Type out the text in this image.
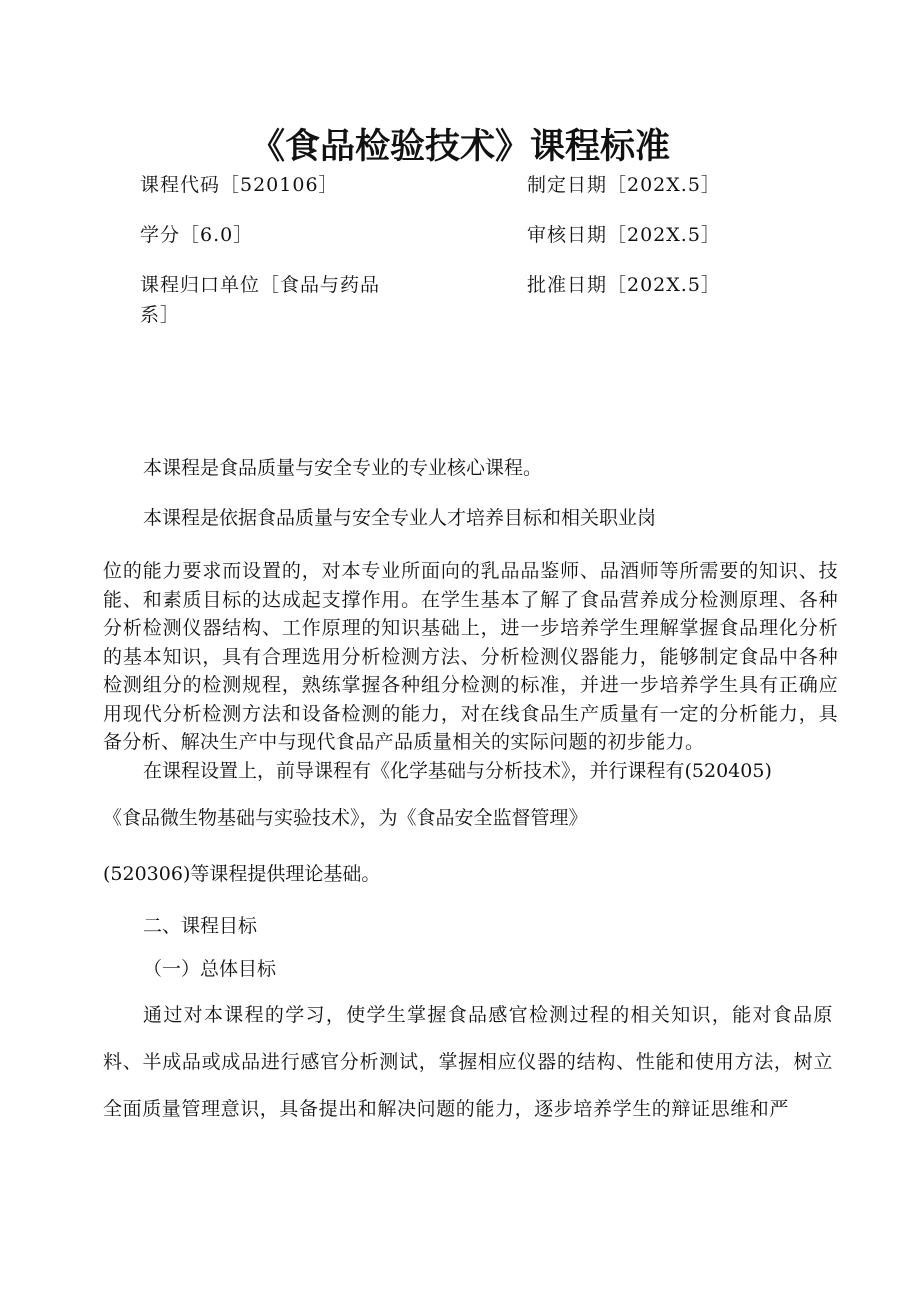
《食品检验技术》课程标准
课程代码［520106］	制定日期［202X.5］
学分［6.0］	审核日期［202X.5］
课程归口单位［食品与药品系］
批准日期［202X.5］

本课程是食品质量与安全专业的专业核心课程。

本课程是依据食品质量与安全专业人才培养目标和相关职业岗

位的能力要求而设置的，对本专业所面向的乳品品鉴师、品酒师等所需要的知识、技能、和素质目标的达成起支撑作用。在学生基本了解了食品营养成分检测原理、各种分析检测仪器结构、工作原理的知识基础上，进一步培养学生理解掌握食品理化分析的基本知识，具有合理选用分析检测方法、分析检测仪器能力，能够制定食品中各种检测组分的检测规程，熟练掌握各种组分检测的标准，并进一步培养学生具有正确应用现代分析检测方法和设备检测的能力，对在线食品生产质量有一定的分析能力，具备分析、解决生产中与现代食品产品质量相关的实际问题的初步能力。

在课程设置上，前导课程有《化学基础与分析技术》，并行课程有(520405)

《食品微生物基础与实验技术》，为《食品安全监督管理》

(520306)等课程提供理论基础。

二、课程目标

（一）总体目标

通过对本课程的学习，使学生掌握食品感官检测过程的相关知识，能对食品原料、半成品或成品进行感官分析测试，掌握相应仪器的结构、性能和使用方法，树立全面质量管理意识，具备提出和解决问题的能力，逐步培养学生的辩证思维和严
